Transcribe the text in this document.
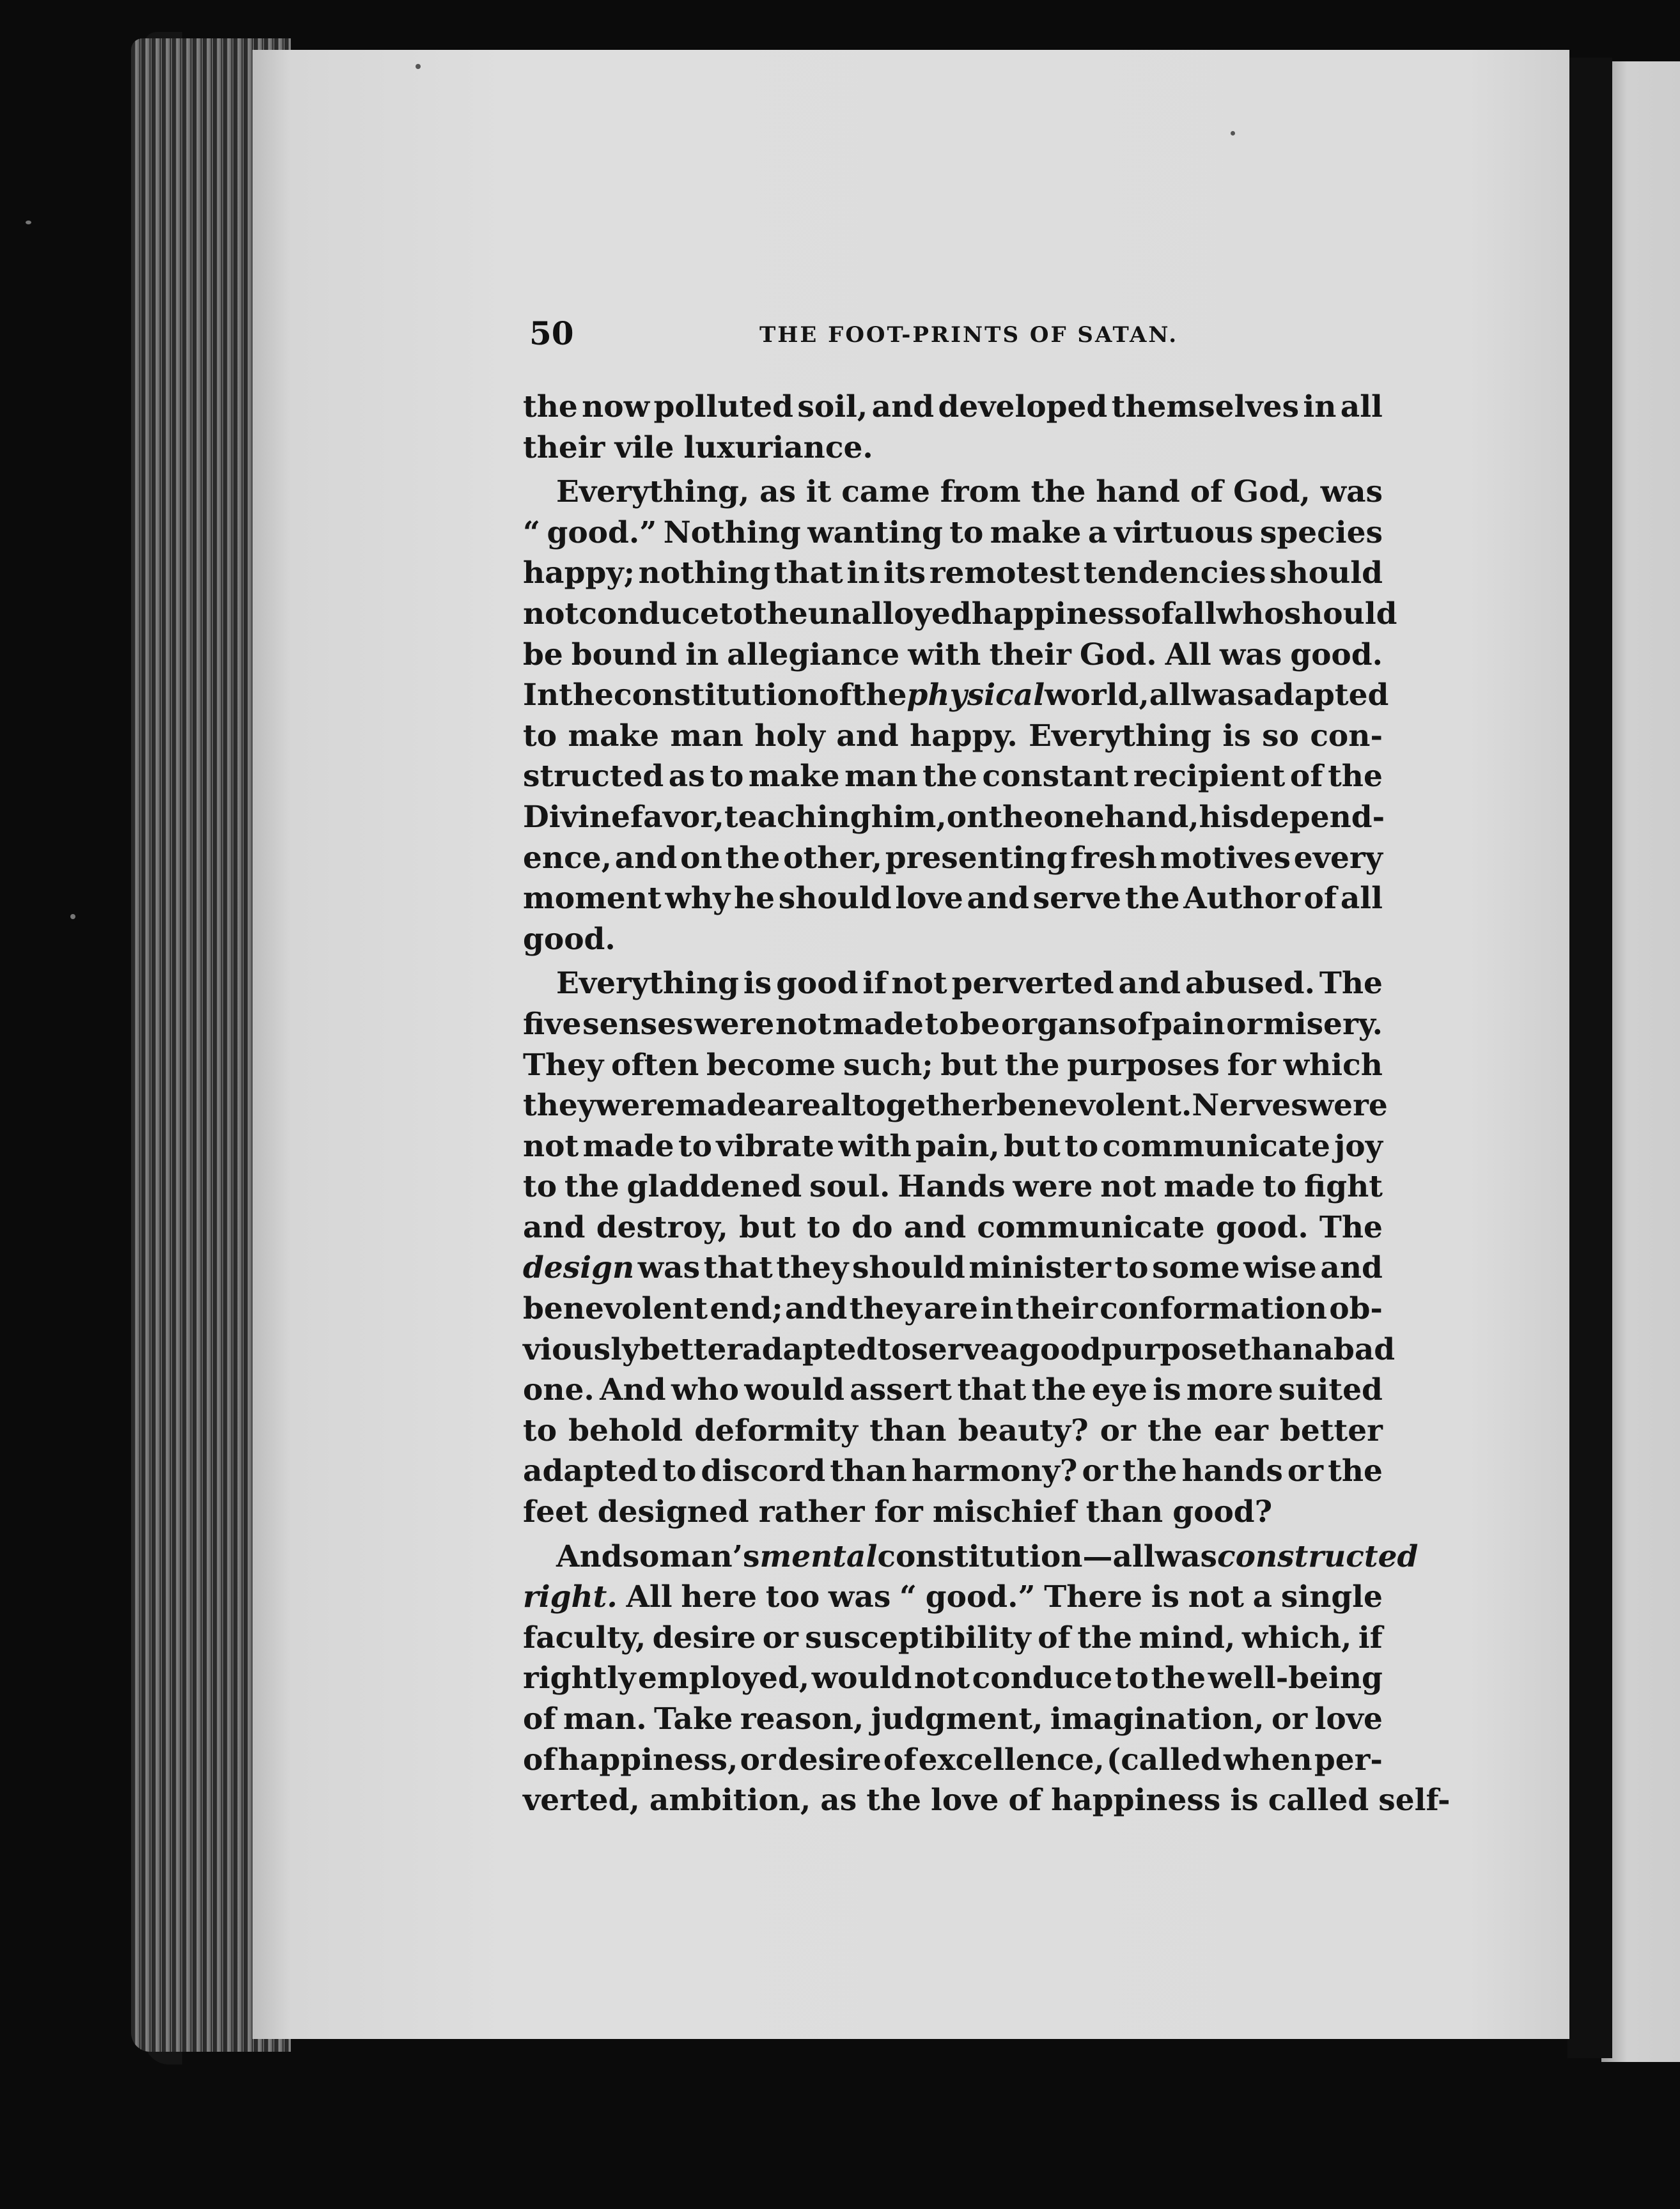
50	THE FOOT-PRINTS OF SATAN.
the now polluted soil, and developed themselves in all
their vile luxuriance.
Everything, as it came from the hand of God, was
“ good.” Nothing wanting to make a virtuous species
happy; nothing that in its remotest tendencies should
not conduce to the unalloyed happiness of all who should
be bound in allegiance with their God. All was good.
In the constitution of the physical world, all was adapted
to make man holy and happy. Everything is so con-
structed as to make man the constant recipient of the
Divine favor, teaching him, on the one hand, his depend-
ence, and on the other, presenting fresh motives every
moment why he should love and serve the Author of all
good.
Everything is good if not perverted and abused. The
five senses were not made to be organs of pain or misery.
They often become such; but the purposes for which
they were made are altogether benevolent. Nerves were
not made to vibrate with pain, but to communicate joy
to the gladdened soul. Hands were not made to fight
and destroy, but to do and communicate good. The
design was that they should minister to some wise and
benevolent end; and they are in their conformation ob-
viously better adapted to serve a good purpose than a bad
one. And who would assert that the eye is more suited
to behold deformity than beauty? or the ear better
adapted to discord than harmony? or the hands or the
feet designed rather for mischief than good?
And so man’s mental constitution—all was constructed
right. All here too was “ good.” There is not a single
faculty, desire or susceptibility of the mind, which, if
rightly employed, would not conduce to the well-being
of man. Take reason, judgment, imagination, or love
of happiness, or desire of excellence, (called when per-
verted, ambition, as the love of happiness is called self-
